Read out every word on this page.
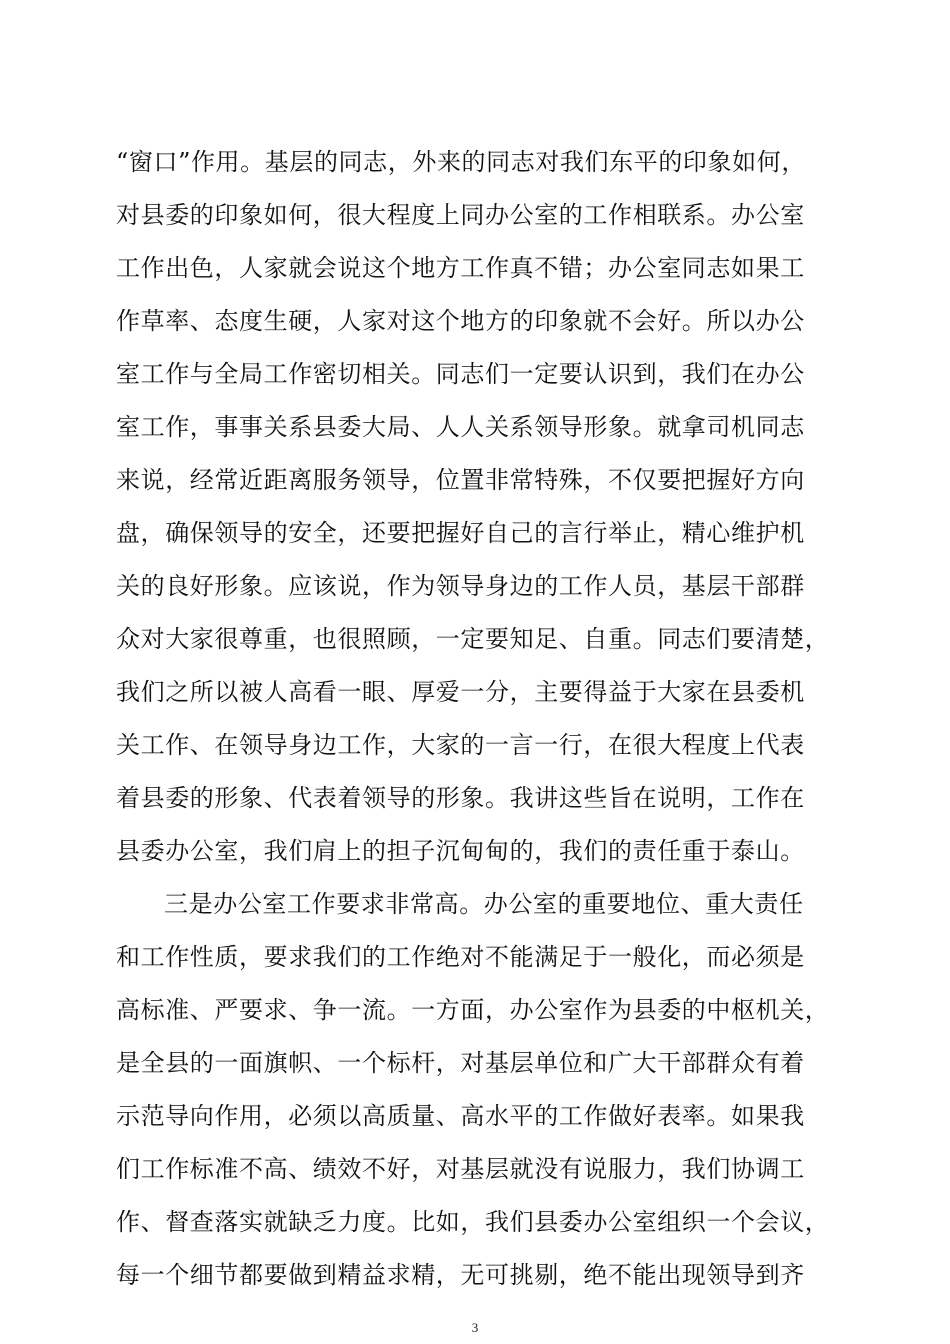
“窗口”作用。基层的同志，外来的同志对我们东平的印象如何，
对县委的印象如何，很大程度上同办公室的工作相联系。办公室
工作出色，人家就会说这个地方工作真不错；办公室同志如果工
作草率、态度生硬，人家对这个地方的印象就不会好。所以办公
室工作与全局工作密切相关。同志们一定要认识到，我们在办公
室工作，事事关系县委大局、人人关系领导形象。就拿司机同志
来说，经常近距离服务领导，位置非常特殊，不仅要把握好方向
盘，确保领导的安全，还要把握好自己的言行举止，精心维护机
关的良好形象。应该说，作为领导身边的工作人员，基层干部群
众对大家很尊重，也很照顾，一定要知足、自重。同志们要清楚，
我们之所以被人高看一眼、厚爱一分，主要得益于大家在县委机
关工作、在领导身边工作，大家的一言一行，在很大程度上代表
着县委的形象、代表着领导的形象。我讲这些旨在说明，工作在
县委办公室，我们肩上的担子沉甸甸的，我们的责任重于泰山。
三是办公室工作要求非常高。办公室的重要地位、重大责任
和工作性质，要求我们的工作绝对不能满足于一般化，而必须是
高标准、严要求、争一流。一方面，办公室作为县委的中枢机关，
是全县的一面旗帜、一个标杆，对基层单位和广大干部群众有着
示范导向作用，必须以高质量、高水平的工作做好表率。如果我
们工作标准不高、绩效不好，对基层就没有说服力，我们协调工
作、督查落实就缺乏力度。比如，我们县委办公室组织一个会议，
每一个细节都要做到精益求精，无可挑剔，绝不能出现领导到齐
3
